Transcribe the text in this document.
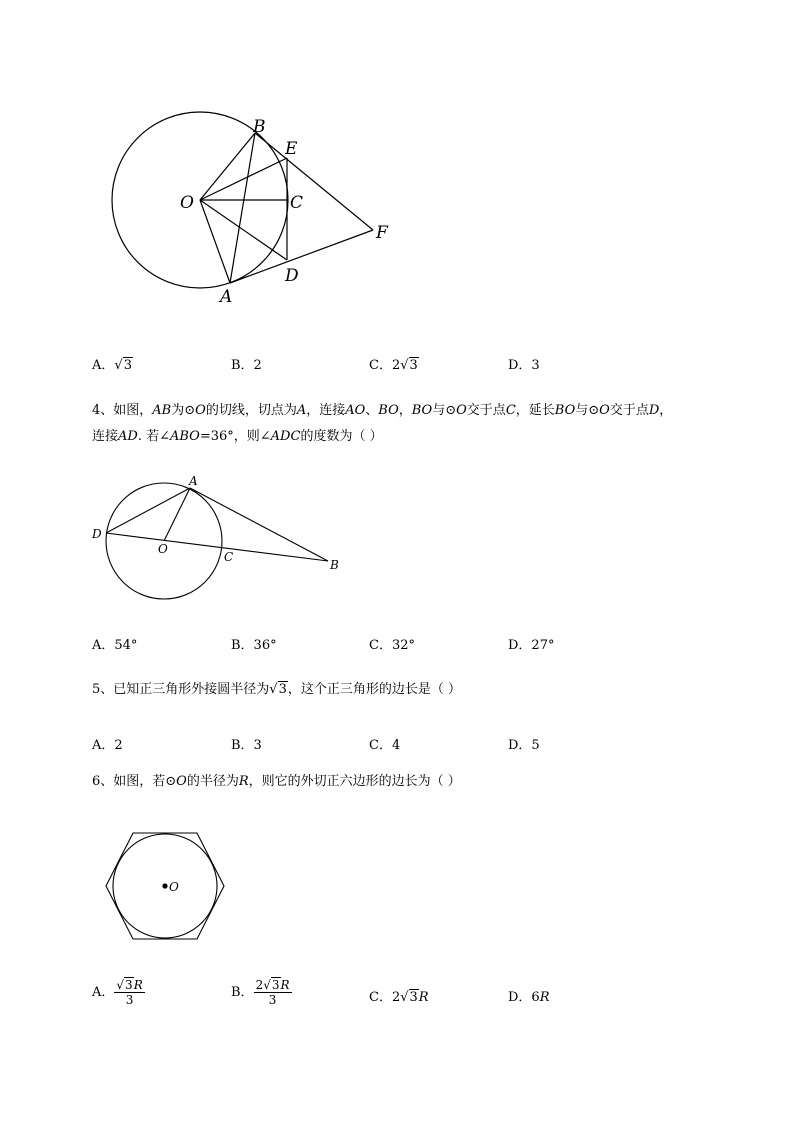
B
E
O	C
F
D
A
A．√3	B．2	C．2√3	D．3
4、如图，AB为⊙O的切线，切点为A，连接AO、BO，BO与⊙O交于点C，延长BO与⊙O交于点D，
连接AD. 若∠ABO=36°，则∠ADC的度数为（ ）
A
D
O
C
B
A．54°	B．36°	C．32°	D．27°
5、已知正三角形外接圆半径为√3，这个正三角形的边长是（ ）
A．2	B．3	C．4	D．5
6、如图，若⊙O的半径为R，则它的外切正六边形的边长为（ ）
O
A． $\frac{√3R}{3}$	B． $\frac{2√3R}{3}$	C．2√3R	D．6R
